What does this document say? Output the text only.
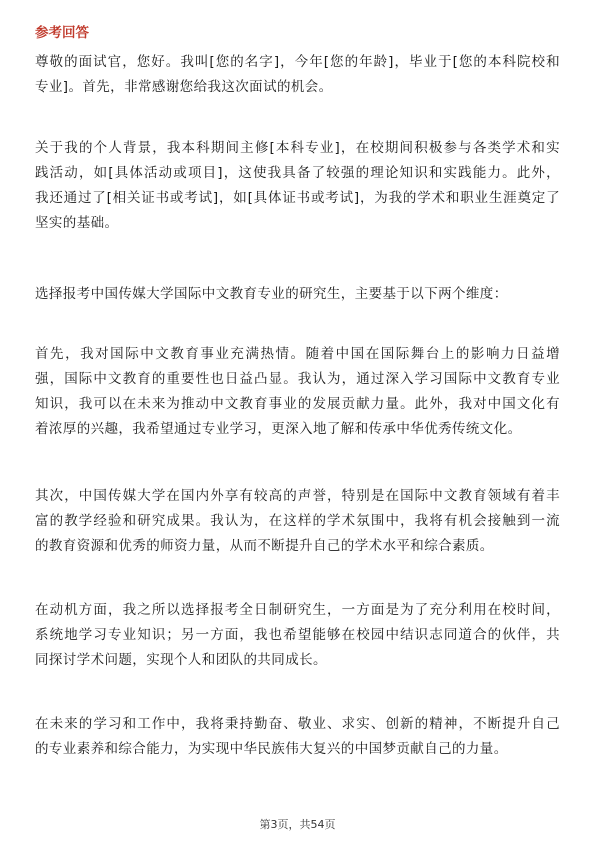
参考回答
尊敬的面试官，您好。我叫[您的名字]，今年[您的年龄]，毕业于[您的本科院校和
专业]。首先，非常感谢您给我这次面试的机会。
关于我的个人背景，我本科期间主修[本科专业]，在校期间积极参与各类学术和实
践活动，如[具体活动或项目]，这使我具备了较强的理论知识和实践能力。此外，
我还通过了[相关证书或考试]，如[具体证书或考试]，为我的学术和职业生涯奠定了
坚实的基础。
选择报考中国传媒大学国际中文教育专业的研究生，主要基于以下两个维度：
首先，我对国际中文教育事业充满热情。随着中国在国际舞台上的影响力日益增
强，国际中文教育的重要性也日益凸显。我认为，通过深入学习国际中文教育专业
知识，我可以在未来为推动中文教育事业的发展贡献力量。此外，我对中国文化有
着浓厚的兴趣，我希望通过专业学习，更深入地了解和传承中华优秀传统文化。
其次，中国传媒大学在国内外享有较高的声誉，特别是在国际中文教育领域有着丰
富的教学经验和研究成果。我认为，在这样的学术氛围中，我将有机会接触到一流
的教育资源和优秀的师资力量，从而不断提升自己的学术水平和综合素质。
在动机方面，我之所以选择报考全日制研究生，一方面是为了充分利用在校时间，
系统地学习专业知识；另一方面，我也希望能够在校园中结识志同道合的伙伴，共
同探讨学术问题，实现个人和团队的共同成长。
在未来的学习和工作中，我将秉持勤奋、敬业、求实、创新的精神，不断提升自己
的专业素养和综合能力，为实现中华民族伟大复兴的中国梦贡献自己的力量。
第3页，共54页
